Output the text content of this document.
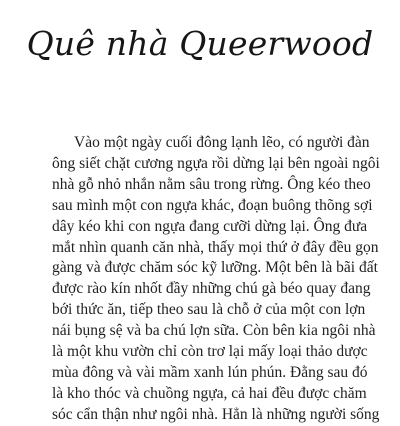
Quê nhà Queerwood
Vào một ngày cuối đông lạnh lẽo, có người đàn
ông siết chặt cương ngựa rồi dừng lại bên ngoài ngôi
nhà gỗ nhỏ nhắn nằm sâu trong rừng. Ông kéo theo
sau mình một con ngựa khác, đoạn buông thõng sợi
dây kéo khi con ngựa đang cưỡi dừng lại. Ông đưa
mắt nhìn quanh căn nhà, thấy mọi thứ ở đây đều gọn
gàng và được chăm sóc kỹ lưỡng. Một bên là bãi đất
được rào kín nhốt đầy những chú gà béo quay đang
bới thức ăn, tiếp theo sau là chỗ ở của một con lợn
nái bụng sệ và ba chú lợn sữa. Còn bên kia ngôi nhà
là một khu vườn chỉ còn trơ lại mấy loại thảo dược
mùa đông và vài mầm xanh lún phún. Đằng sau đó
là kho thóc và chuồng ngựa, cả hai đều được chăm
sóc cẩn thận như ngôi nhà. Hẳn là những người sống
